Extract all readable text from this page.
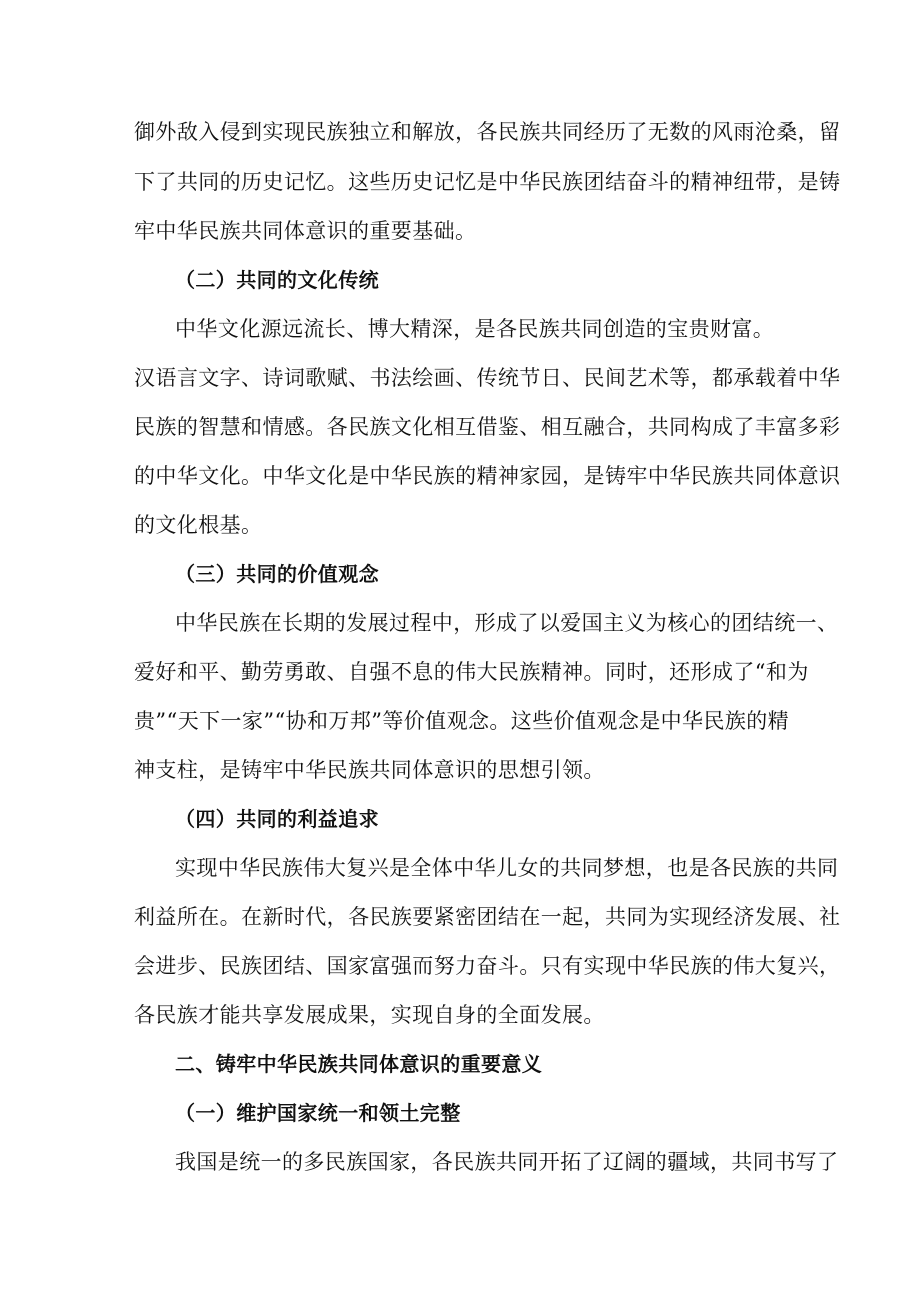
御 外 敌 入 侵 到 实 现 民 族 独 立 和 解 放 ， 各 民 族 共 同 经 历 了 无 数 的 风 雨 沧 桑 ， 留
下 了 共 同 的 历 史 记 忆 。 这 些 历 史 记 忆 是 中 华 民 族 团 结 奋 斗 的 精 神 纽 带 ， 是 铸
牢中华民族共同体意识的重要基础。
（二）共同的文化传统
中华文化源远流长、博大精深，是各民族共同创造的宝贵财富。
汉 语 言 文 字 、 诗 词 歌 赋 、 书 法 绘 画 、 传 统 节 日 、 民 间 艺 术 等 ， 都 承 载 着 中 华
民 族 的 智 慧 和 情 感 。 各 民 族 文 化 相 互 借 鉴 、 相 互 融 合 ， 共 同 构 成 了 丰 富 多 彩
的 中 华 文 化 。 中 华 文 化 是 中 华 民 族 的 精 神 家 园 ， 是 铸 牢 中 华 民 族 共 同 体 意 识
的文化根基。
（三）共同的价值观念
中华民族在长期的发展过程中，形成了以爱国主义为核心的团结统一、
爱 好 和 平 、 勤 劳 勇 敢 、 自 强 不 息 的 伟 大 民 族 精 神 。 同 时 ， 还 形 成 了 “ 和 为
贵 ” “ 天 下 一 家 ” “ 协 和 万 邦 ” 等 价 值 观 念 。 这 些 价 值 观 念 是 中 华 民 族 的 精
神支柱，是铸牢中华民族共同体意识的思想引领。
（四）共同的利益追求
实现中华民族伟大复兴是全体中华儿女的共同梦想，也是各民族的共同
利 益 所 在 。 在 新 时 代 ， 各 民 族 要 紧 密 团 结 在 一 起 ， 共 同 为 实 现 经 济 发 展 、 社
会 进 步 、 民 族 团 结 、 国 家 富 强 而 努 力 奋 斗 。 只 有 实 现 中 华 民 族 的 伟 大 复 兴 ，
各民族才能共享发展成果，实现自身的全面发展。
二、铸牢中华民族共同体意识的重要意义
（一）维护国家统一和领土完整
我国是统一的多民族国家，各民族共同开拓了辽阔的疆域，共同书写了
